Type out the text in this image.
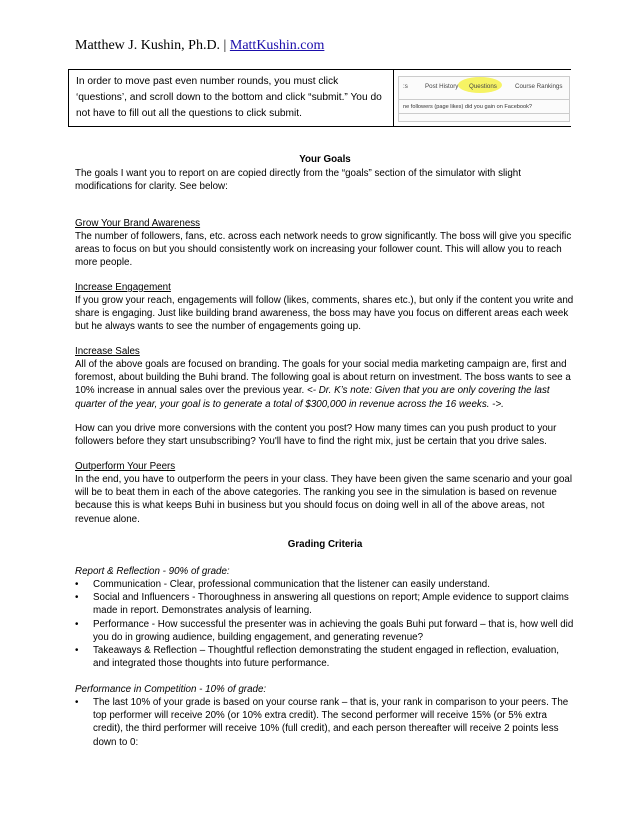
Matthew J. Kushin, Ph.D. | MattKushin.com
In order to move past even number rounds, you must click ‘questions’, and scroll down to the bottom and click “submit.” You do not have to fill out all the questions to click submit.
:s	Post History Questions	Course Rankings
ne followers (page likes) did you gain on Facebook?

Your Goals

The goals I want you to report on are copied directly from the “goals” section of the simulator with slight modifications for clarity. See below:

Grow Your Brand Awareness

The number of followers, fans, etc. across each network needs to grow significantly. The boss will give you specific areas to focus on but you should consistently work on increasing your follower count. This will allow you to reach more people.

Increase Engagement

If you grow your reach, engagements will follow (likes, comments, shares etc.), but only if the content you write and share is engaging. Just like building brand awareness, the boss may have you focus on different areas each week but he always wants to see the number of engagements going up.

Increase Sales

All of the above goals are focused on branding. The goals for your social media marketing campaign are, first and foremost, about building the Buhi brand. The following goal is about return on investment. The boss wants to see a 10% increase in annual sales over the previous year. <- Dr. K’s note: Given that you are only covering the last quarter of the year, your goal is to generate a total of $300,000 in revenue across the 16 weeks. ->.

How can you drive more conversions with the content you post? How many times can you push product to your followers before they start unsubscribing? You'll have to find the right mix, just be certain that you drive sales.

Outperform Your Peers

In the end, you have to outperform the peers in your class. They have been given the same scenario and your goal will be to beat them in each of the above categories. The ranking you see in the simulation is based on revenue because this is what keeps Buhi in business but you should focus on doing well in all of the above areas, not revenue alone.

Grading Criteria

Report & Reflection - 90% of grade:

• Communication - Clear, professional communication that the listener can easily understand.
• Social and Influencers - Thoroughness in answering all questions on report; Ample evidence to support claims made in report. Demonstrates analysis of learning.
• Performance - How successful the presenter was in achieving the goals Buhi put forward – that is, how well did you do in growing audience, building engagement, and generating revenue?
• Takeaways & Reflection – Thoughtful reflection demonstrating the student engaged in reflection, evaluation, and integrated those thoughts into future performance.

Performance in Competition - 10% of grade:

• The last 10% of your grade is based on your course rank – that is, your rank in comparison to your peers. The top performer will receive 20% (or 10% extra credit). The second performer will receive 15% (or 5% extra credit), the third performer will receive 10% (full credit), and each person thereafter will receive 2 points less down to 0:
